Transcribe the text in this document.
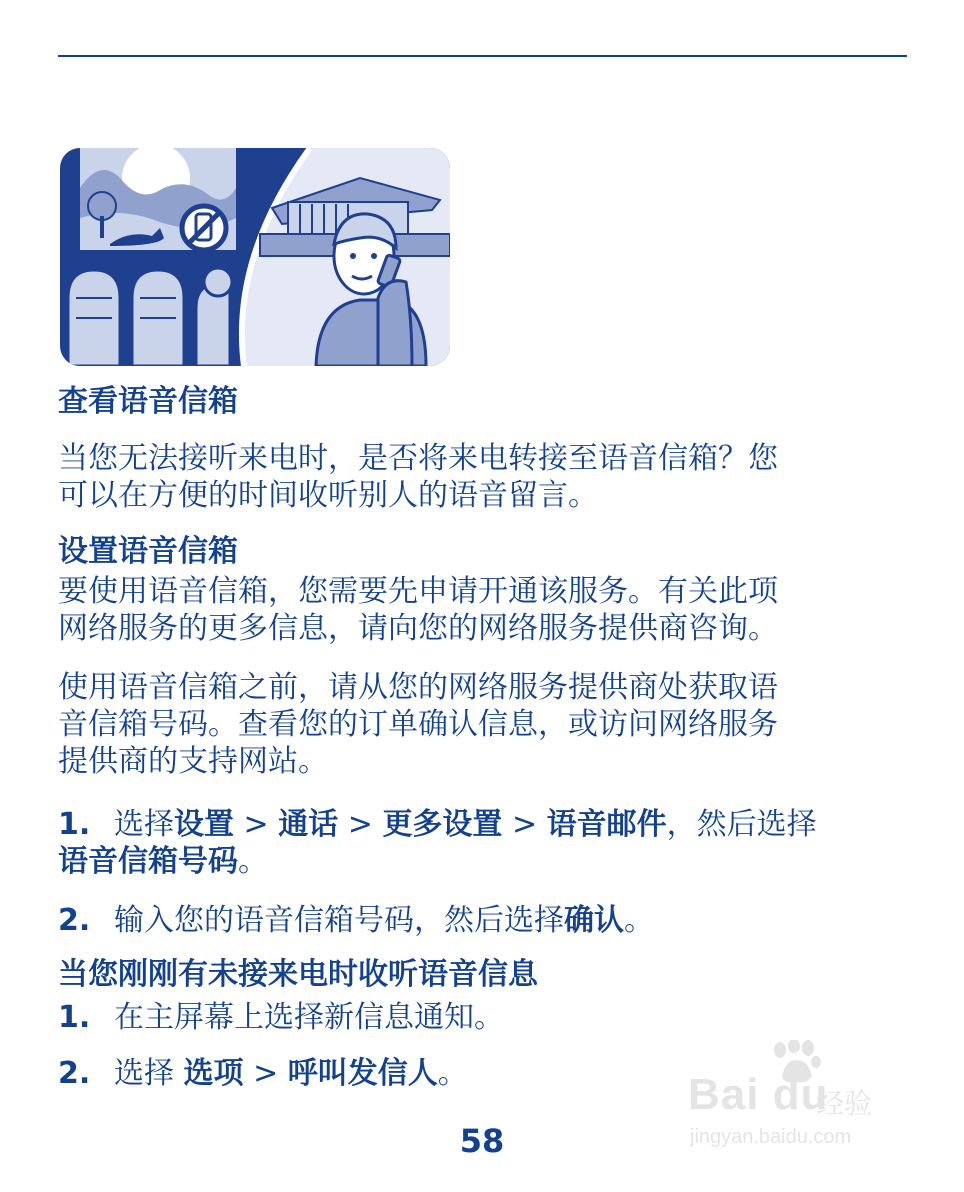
查看语音信箱
当您无法接听来电时，是否将来电转接至语音信箱？您
可以在方便的时间收听别人的语音留言。
设置语音信箱
要使用语音信箱，您需要先申请开通该服务。有关此项
网络服务的更多信息，请向您的网络服务提供商咨询。
使用语音信箱之前，请从您的网络服务提供商处获取语
音信箱号码。查看您的订单确认信息，或访问网络服务
提供商的支持网站。
1. 选择设置 > 通话 > 更多设置 > 语音邮件，然后选择
语音信箱号码。
2. 输入您的语音信箱号码，然后选择确认。
当您刚刚有未接来电时收听语音信息
1. 在主屏幕上选择新信息通知。
2. 选择 选项 > 呼叫发信人。	Bai du
经验
jingyan.baidu.com
58
